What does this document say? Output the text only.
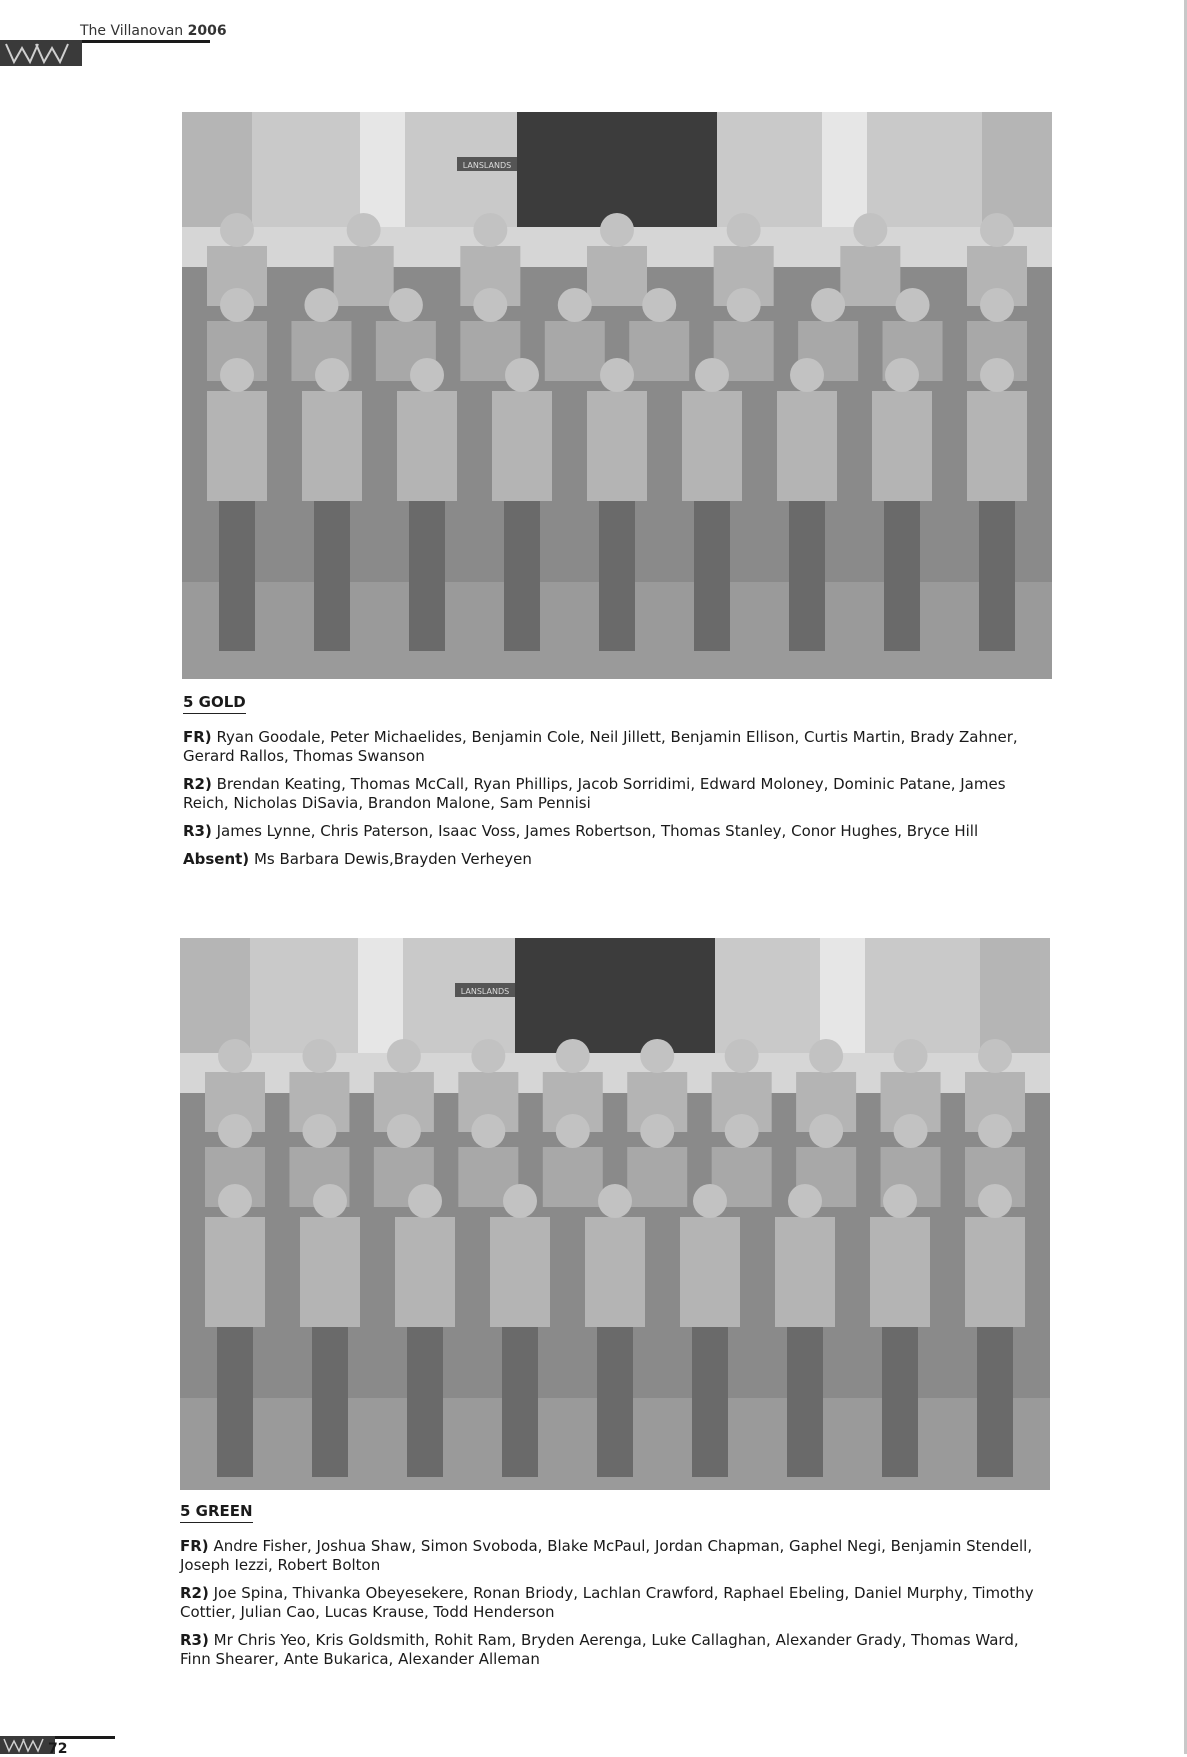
The Villanovan 2006
LANSLANDS
5 GOLD

FR) Ryan Goodale, Peter Michaelides, Benjamin Cole, Neil Jillett, Benjamin Ellison, Curtis Martin, Brady Zahner, Gerard Rallos, Thomas Swanson

R2) Brendan Keating, Thomas McCall, Ryan Phillips, Jacob Sorridimi, Edward Moloney, Dominic Patane, James Reich, Nicholas DiSavia, Brandon Malone, Sam Pennisi

R3) James Lynne, Chris Paterson, Isaac Voss, James Robertson, Thomas Stanley, Conor Hughes, Bryce Hill

Absent) Ms Barbara Dewis,Brayden Verheyen

LANSLANDS
5 GREEN

FR) Andre Fisher, Joshua Shaw, Simon Svoboda, Blake McPaul, Jordan Chapman, Gaphel Negi, Benjamin Stendell, Joseph Iezzi, Robert Bolton

R2) Joe Spina, Thivanka Obeyesekere, Ronan Briody, Lachlan Crawford, Raphael Ebeling, Daniel Murphy, Timothy Cottier, Julian Cao, Lucas Krause, Todd Henderson

R3) Mr Chris Yeo, Kris Goldsmith, Rohit Ram, Bryden Aerenga, Luke Callaghan, Alexander Grady, Thomas Ward, Finn Shearer, Ante Bukarica, Alexander Alleman

72
